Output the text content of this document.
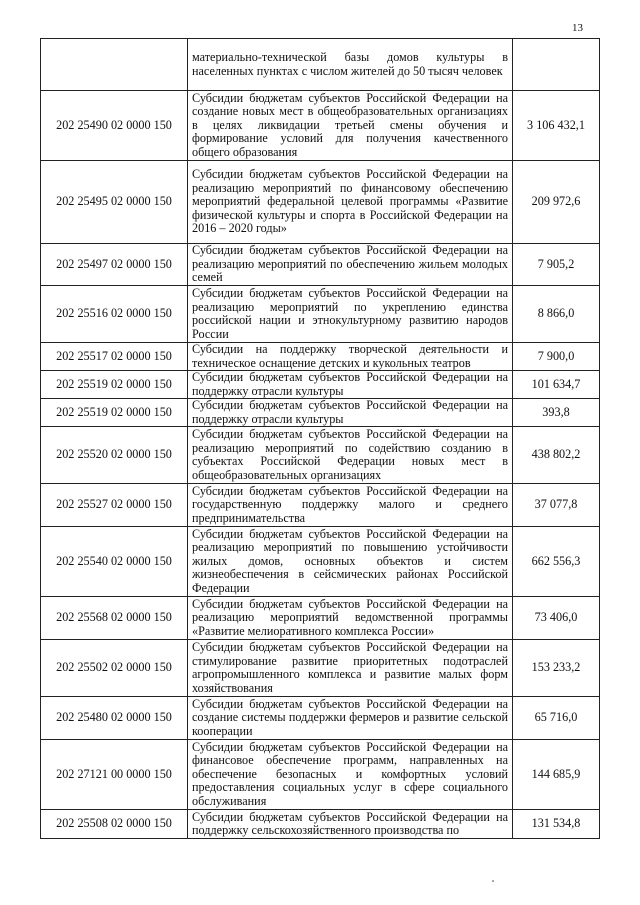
13
	материально-технической базы домов культуры в населенных пунктах с числом жителей до 50 тысяч человек	
202 25490 02 0000 150	Субсидии бюджетам субъектов Российской Федерации на создание новых мест в общеобразовательных организациях в целях ликвидации третьей смены обучения и формирование условий для получения качественного общего образования	3 106 432,1
202 25495 02 0000 150	Субсидии бюджетам субъектов Российской Федерации на реализацию мероприятий по финансовому обеспечению мероприятий федеральной целевой программы «Развитие физической культуры и спорта в Российской Федерации на 2016 – 2020 годы»	209 972,6
202 25497 02 0000 150	Субсидии бюджетам субъектов Российской Федерации на реализацию мероприятий по обеспечению жильем молодых семей	7 905,2
202 25516 02 0000 150	Субсидии бюджетам субъектов Российской Федерации на реализацию мероприятий по укреплению единства российской нации и этнокультурному развитию народов России	8 866,0
202 25517 02 0000 150	Субсидии на поддержку творческой деятельности и техническое оснащение детских и кукольных театров	7 900,0
202 25519 02 0000 150	Субсидии бюджетам субъектов Российской Федерации на поддержку отрасли культуры	101 634,7
202 25519 02 0000 150	Субсидии бюджетам субъектов Российской Федерации на поддержку отрасли культуры	393,8
202 25520 02 0000 150	Субсидии бюджетам субъектов Российской Федерации на реализацию мероприятий по содействию созданию в субъектах Российской Федерации новых мест в общеобразовательных организациях	438 802,2
202 25527 02 0000 150	Субсидии бюджетам субъектов Российской Федерации на государственную поддержку малого и среднего предпринимательства	37 077,8
202 25540 02 0000 150	Субсидии бюджетам субъектов Российской Федерации на реализацию мероприятий по повышению устойчивости жилых домов, основных объектов и систем жизнеобеспечения в сейсмических районах Российской Федерации	662 556,3
202 25568 02 0000 150	Субсидии бюджетам субъектов Российской Федерации на реализацию мероприятий ведомственной программы «Развитие мелиоративного комплекса России»	73 406,0
202 25502 02 0000 150	Субсидии бюджетам субъектов Российской Федерации на стимулирование развитие приоритетных подотраслей агропромышленного комплекса и развитие малых форм хозяйствования	153 233,2
202 25480 02 0000 150	Субсидии бюджетам субъектов Российской Федерации на создание системы поддержки фермеров и развитие сельской кооперации	65 716,0
202 27121 00 0000 150	Субсидии бюджетам субъектов Российской Федерации на финансовое обеспечение программ, направленных на обеспечение безопасных и комфортных условий предоставления социальных услуг в сфере социального обслуживания	144 685,9
202 25508 02 0000 150	Субсидии бюджетам субъектов Российской Федерации на поддержку сельскохозяйственного производства по	131 534,8
